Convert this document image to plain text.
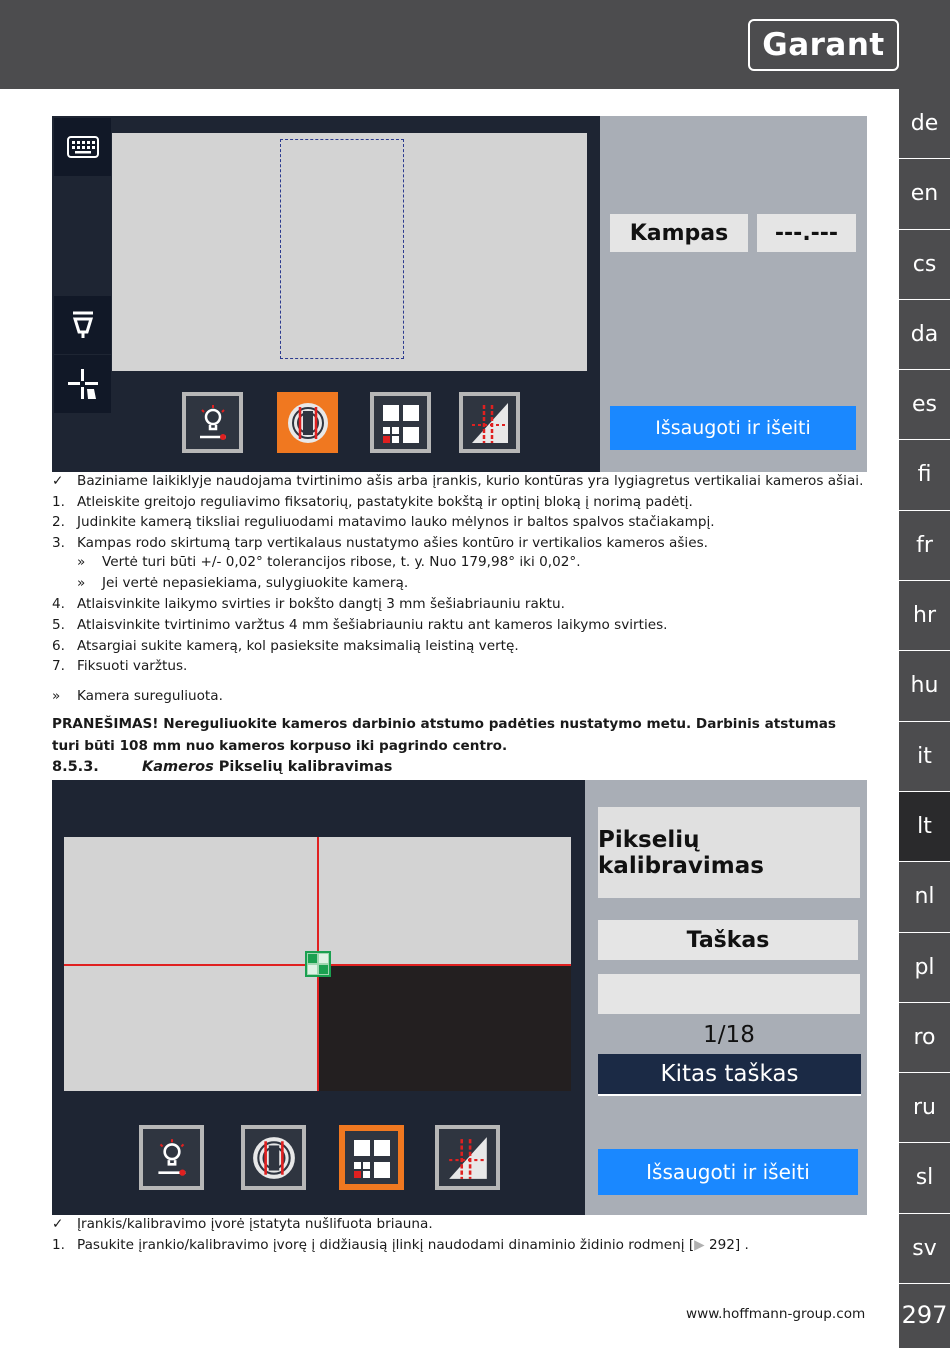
Garant
de
en
cs
da
es
fi
fr
hr
hu
it
lt
nl
pl
ro
ru
sl
sv
297
Kampas	---.---
Išsaugoti ir išeiti
✓ Baziniame laikiklyje naudojama tvirtinimo ašis arba įrankis, kurio kontūras yra lygiagretus vertikaliai kameros ašiai.
1. Atleiskite greitojo reguliavimo fiksatorių, pastatykite bokštą ir optinį bloką į norimą padėtį.
2. Judinkite kamerą tiksliai reguliuodami matavimo lauko mėlynos ir baltos spalvos stačiakampį.
3. Kampas rodo skirtumą tarp vertikalaus nustatymo ašies kontūro ir vertikalios kameros ašies.
» Vertė turi būti +/- 0,02° tolerancijos ribose, t. y. Nuo 179,98° iki 0,02°.
» Jei vertė nepasiekiama, sulygiuokite kamerą.
4. Atlaisvinkite laikymo svirties ir bokšto dangtį 3 mm šešiabriauniu raktu.
5. Atlaisvinkite tvirtinimo varžtus 4 mm šešiabriauniu raktu ant kameros laikymo svirties.
6. Atsargiai sukite kamerą, kol pasieksite maksimalią leistiną vertę.
7. Fiksuoti varžtus.
» Kamera sureguliuota.
PRANEŠIMAS! Nereguliuokite kameros darbinio atstumo padėties nustatymo metu. Darbinis atstumas turi būti 108 mm nuo kameros korpuso iki pagrindo centro.
8.5.3.	Kameros Pikselių kalibravimas
Pikselių kalibravimas
Taškas
1/18
Kitas taškas
Išsaugoti ir išeiti
✓ Įrankis/kalibravimo įvorė įstatyta nušlifuota briauna.
1. Pasukite įrankio/kalibravimo įvorę į didžiausią įlinkį naudodami dinaminio židinio rodmenį [▶ 292] .
www.hoffmann-group.com
